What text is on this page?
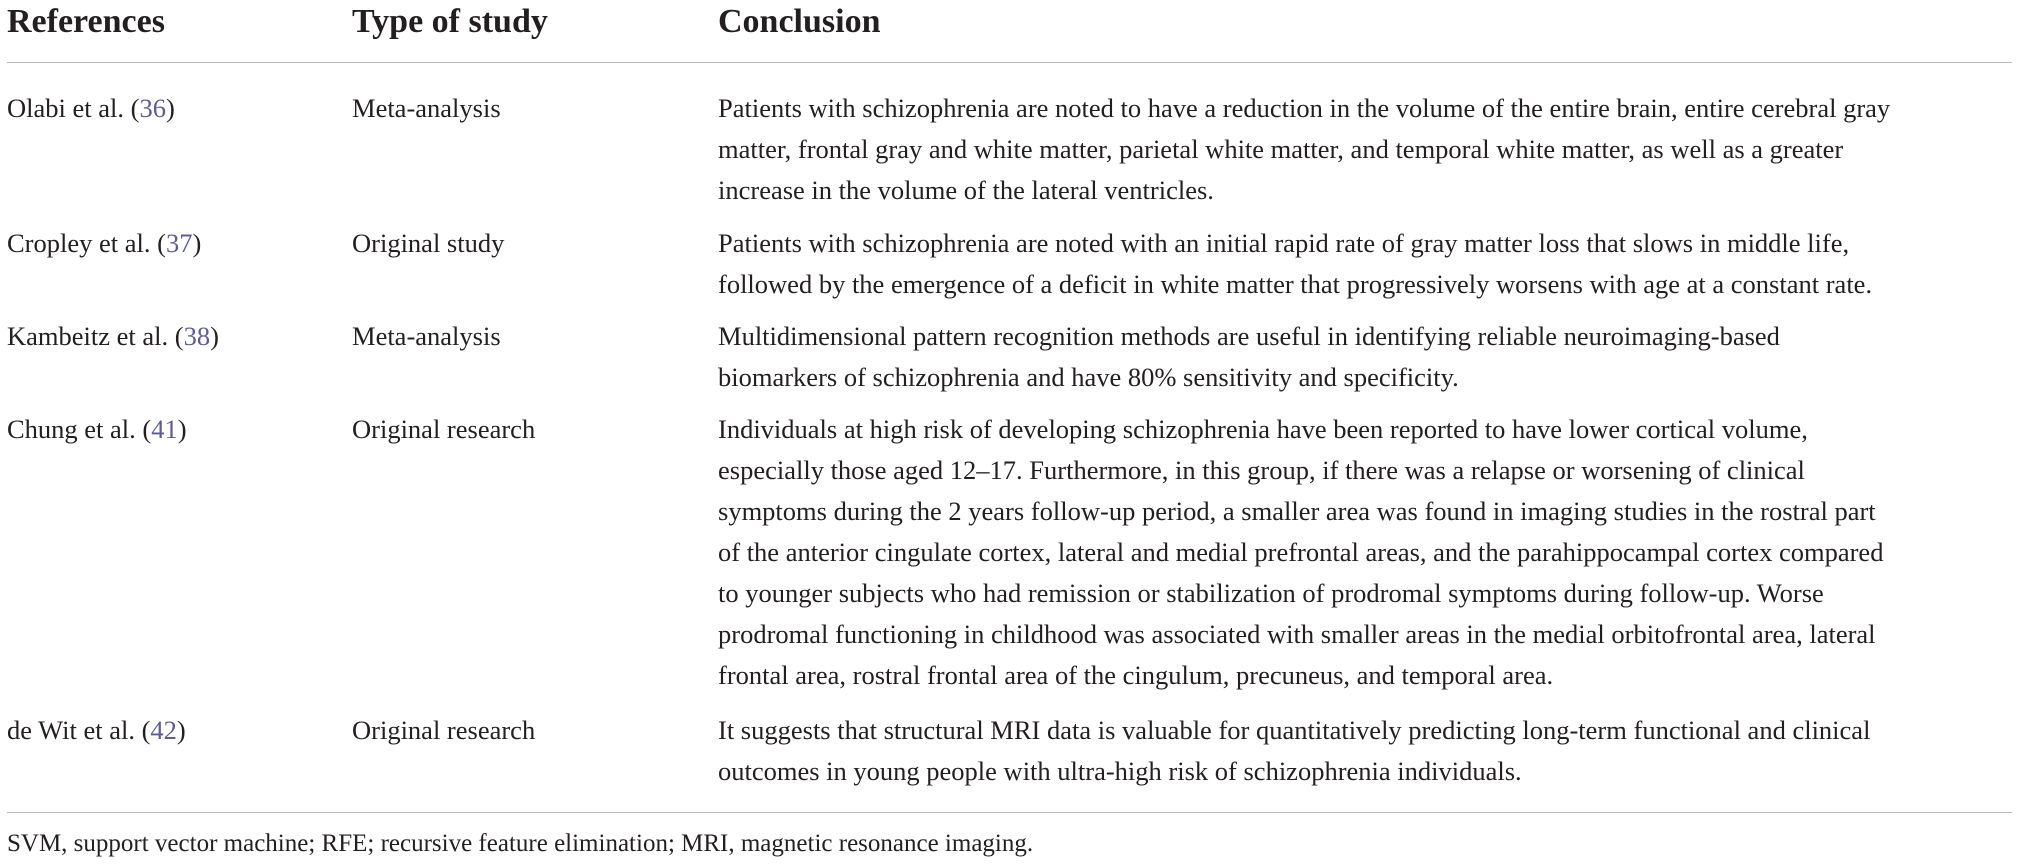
References	Type of study	Conclusion
Olabi et al. (36)	Meta-analysis	Patients with schizophrenia are noted to have a reduction in the volume of the entire brain, entire cerebral gray
matter, frontal gray and white matter, parietal white matter, and temporal white matter, as well as a greater
increase in the volume of the lateral ventricles.
Cropley et al. (37)	Original study	Patients with schizophrenia are noted with an initial rapid rate of gray matter loss that slows in middle life,
followed by the emergence of a deficit in white matter that progressively worsens with age at a constant rate.
Kambeitz et al. (38)	Meta-analysis	Multidimensional pattern recognition methods are useful in identifying reliable neuroimaging-based
biomarkers of schizophrenia and have 80% sensitivity and specificity.
Chung et al. (41)	Original research	Individuals at high risk of developing schizophrenia have been reported to have lower cortical volume,
especially those aged 12–17. Furthermore, in this group, if there was a relapse or worsening of clinical
symptoms during the 2 years follow-up period, a smaller area was found in imaging studies in the rostral part
of the anterior cingulate cortex, lateral and medial prefrontal areas, and the parahippocampal cortex compared
to younger subjects who had remission or stabilization of prodromal symptoms during follow-up. Worse
prodromal functioning in childhood was associated with smaller areas in the medial orbitofrontal area, lateral
frontal area, rostral frontal area of the cingulum, precuneus, and temporal area.
de Wit et al. (42)	Original research	It suggests that structural MRI data is valuable for quantitatively predicting long-term functional and clinical
outcomes in young people with ultra-high risk of schizophrenia individuals.
SVM, support vector machine; RFE; recursive feature elimination; MRI, magnetic resonance imaging.
